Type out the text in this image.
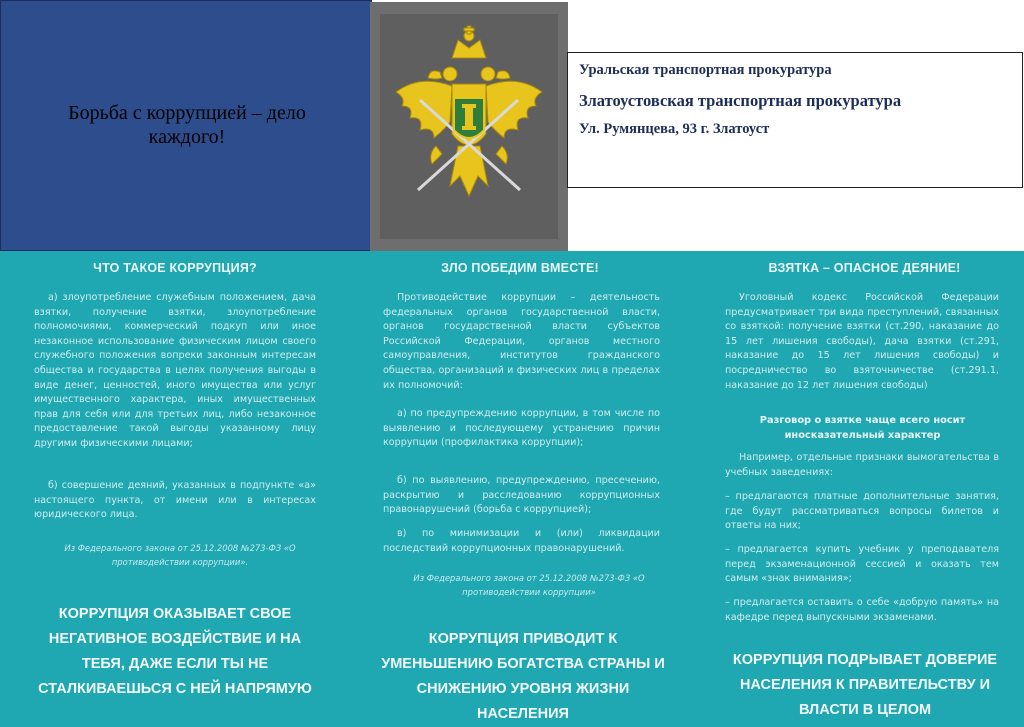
Борьба с коррупцией – дело каждого!
Уральская транспортная прокуратура
Златоустовская транспортная прокуратура
Ул. Румянцева, 93 г. Златоуст
ЧТО ТАКОЕ КОРРУПЦИЯ?
а) злоупотребление служебным положением, дача взятки, получение взятки, злоупотребление полномочиями, коммерческий подкуп или иное незаконное использование физическим лицом своего служебного положения вопреки законным интересам общества и государства в целях получения выгоды в виде денег, ценностей, иного имущества или услуг имущественного характера, иных имущественных прав для себя или для третьих лиц, либо незаконное предоставление такой выгоды указанному лицу другими физическими лицами;
б) совершение деяний, указанных в подпункте «а» настоящего пункта, от имени или в интересах юридического лица.
Из Федерального закона от 25.12.2008 №273-ФЗ «О противодействии коррупции».
КОРРУПЦИЯ ОКАЗЫВАЕТ СВОЕ НЕГАТИВНОЕ ВОЗДЕЙСТВИЕ И НА ТЕБЯ, ДАЖЕ ЕСЛИ ТЫ НЕ СТАЛКИВАЕШЬСЯ С НЕЙ НАПРЯМУЮ
ЗЛО ПОБЕДИМ ВМЕСТЕ!
Противодействие коррупции – деятельность федеральных органов государственной власти, органов государственной власти субъектов Российской Федерации, органов местного самоуправления, институтов гражданского общества, организаций и физических лиц в пределах их полномочий:
а) по предупреждению коррупции, в том числе по выявлению и последующему устранению причин коррупции (профилактика коррупции);
б) по выявлению, предупреждению, пресечению, раскрытию и расследованию коррупционных правонарушений (борьба с коррупцией);
в) по минимизации и (или) ликвидации последствий коррупционных правонарушений.
Из Федерального закона от 25.12.2008 №273-ФЗ «О противодействии коррупции»
КОРРУПЦИЯ ПРИВОДИТ К УМЕНЬШЕНИЮ БОГАТСТВА СТРАНЫ И СНИЖЕНИЮ УРОВНЯ ЖИЗНИ НАСЕЛЕНИЯ
ВЗЯТКА – ОПАСНОЕ ДЕЯНИЕ!
Уголовный кодекс Российской Федерации предусматривает три вида преступлений, связанных со взяткой: получение взятки (ст.290, наказание до 15 лет лишения свободы), дача взятки (ст.291, наказание до 15 лет лишения свободы) и посредничество во взяточничестве (ст.291.1, наказание до 12 лет лишения свободы)
Разговор о взятке чаще всего носит иносказательный характер
Например, отдельные признаки вымогательства в учебных заведениях:
– предлагаются платные дополнительные занятия, где будут рассматриваться вопросы билетов и ответы на них;
– предлагается купить учебник у преподавателя перед экзаменационной сессией и оказать тем самым «знак внимания»;
– предлагается оставить о себе «добрую память» на кафедре перед выпускными экзаменами.
КОРРУПЦИЯ ПОДРЫВАЕТ ДОВЕРИЕ НАСЕЛЕНИЯ К ПРАВИТЕЛЬСТВУ И ВЛАСТИ В ЦЕЛОМ
